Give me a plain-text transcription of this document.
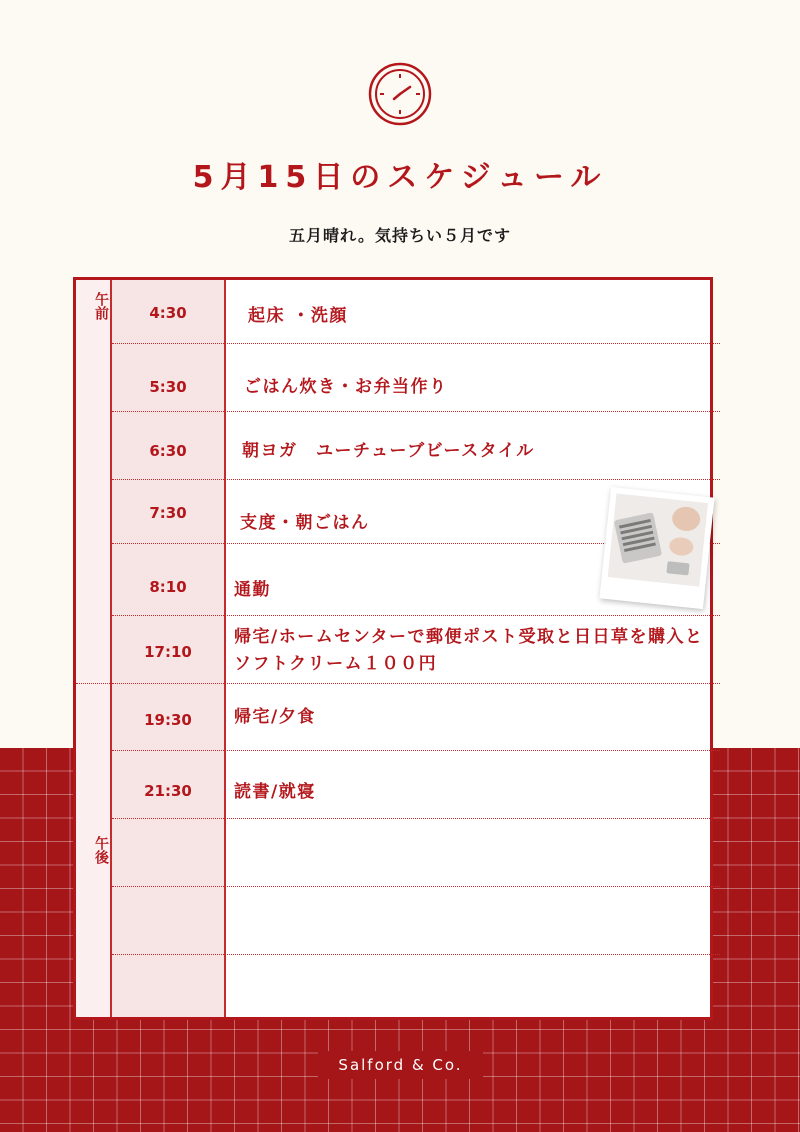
5月15日のスケジュール
五月晴れ。気持ちい５月です
午前
午後
4:30	起床 ・洗顔
5:30	ごはん炊き・お弁当作り
6:30	朝ヨガ　ユーチューブビースタイル
7:30	支度・朝ごはん
8:10	通勤
17:10
帰宅/ホームセンターで郵便ポスト受取と日日草を購入とソフトクリーム１００円
19:30	帰宅/夕食
21:30	読書/就寝
Salford & Co.
